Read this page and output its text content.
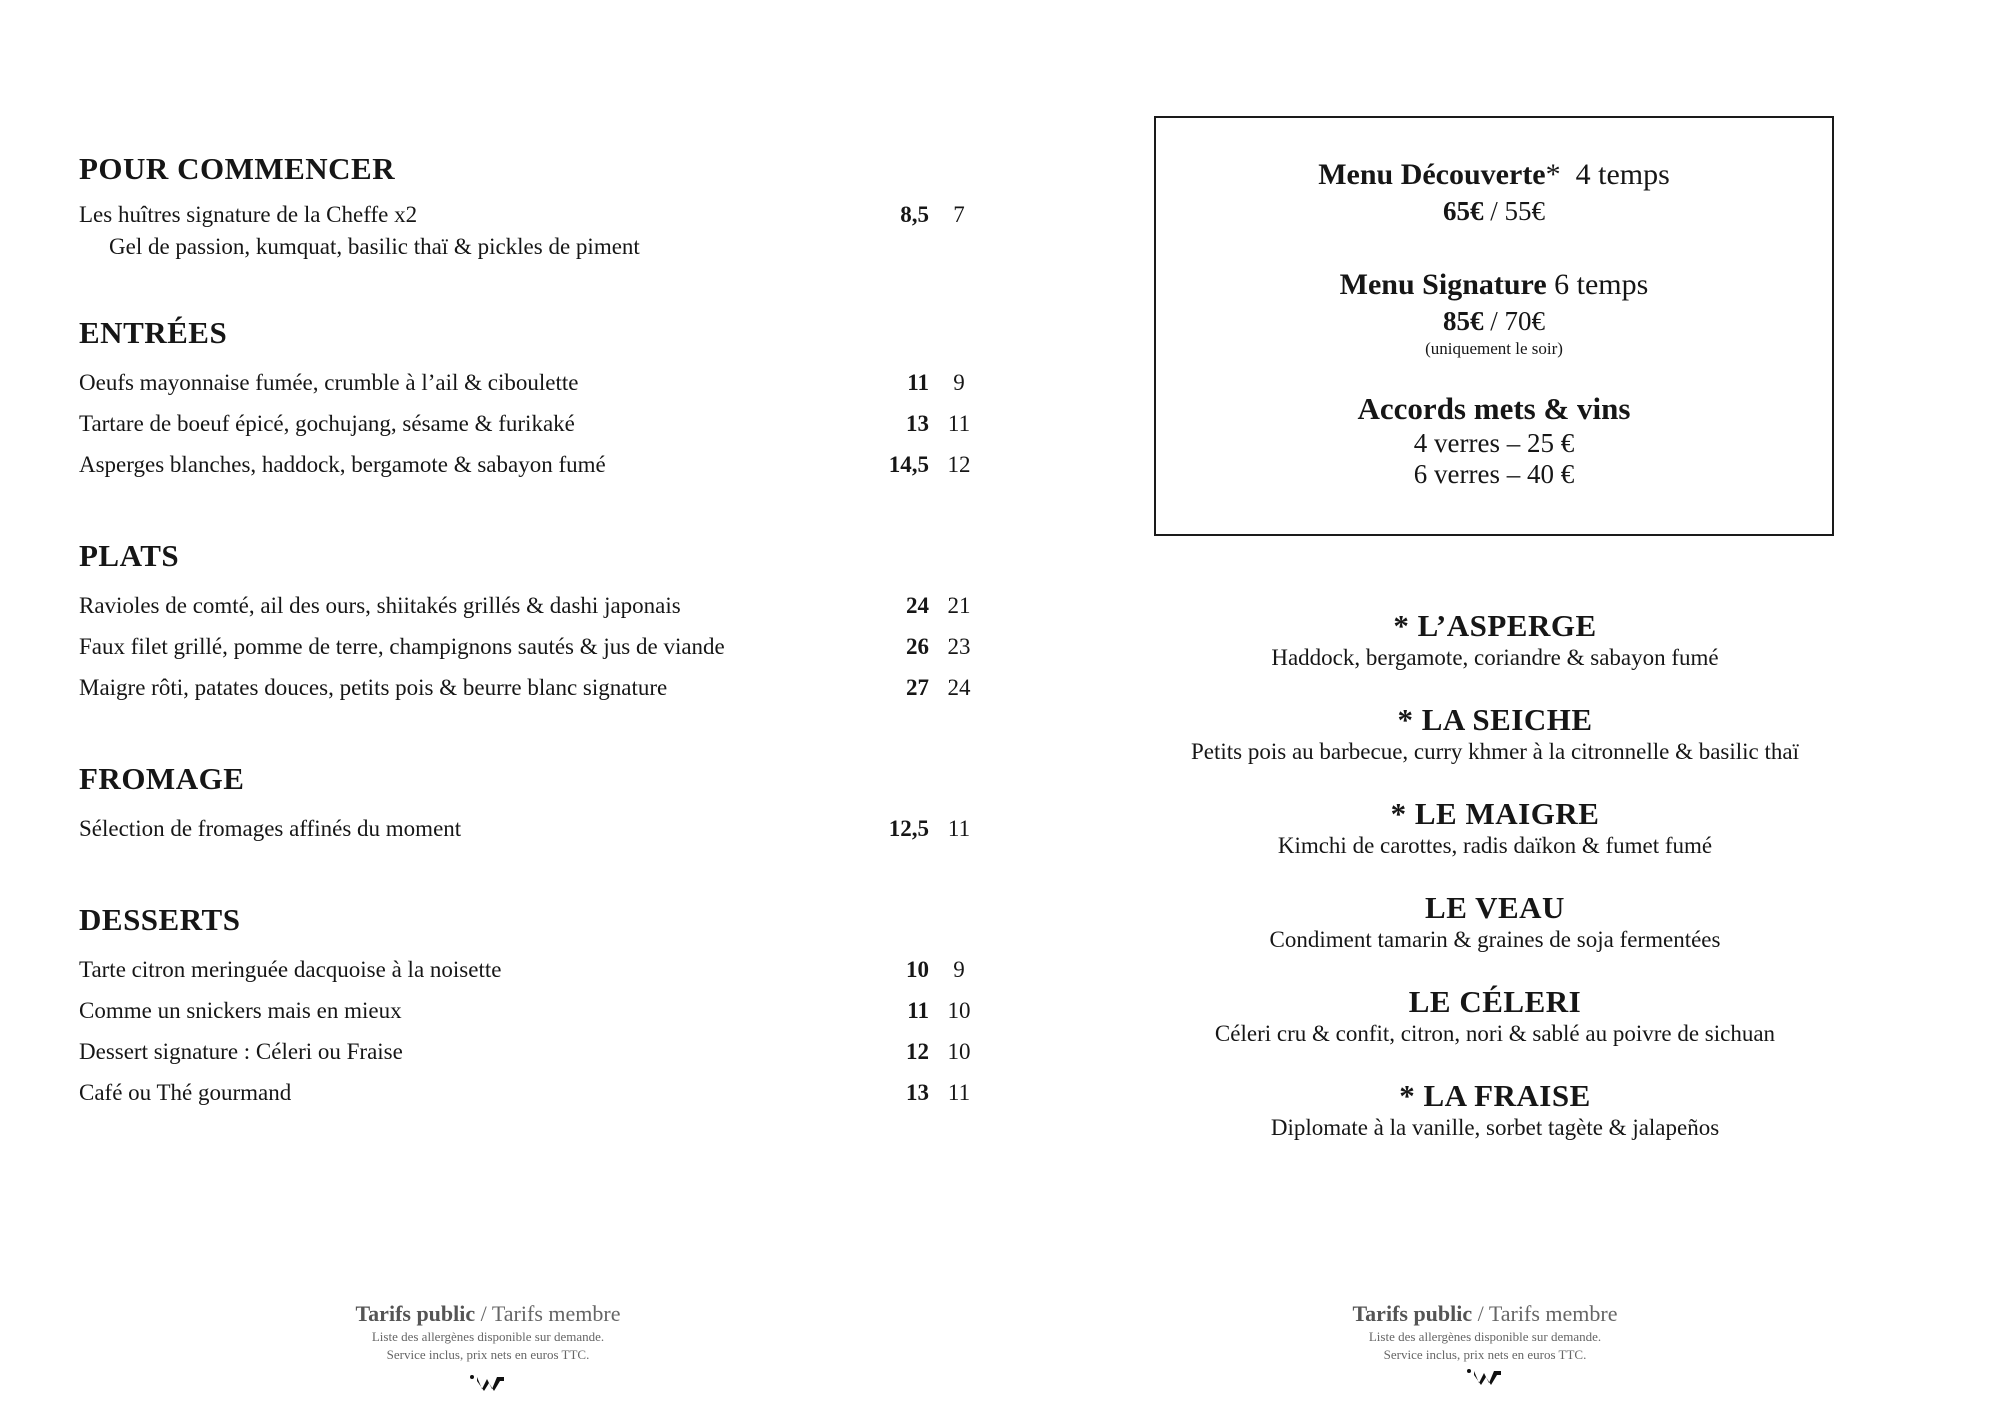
POUR COMMENCER
Les huîtres signature de la Cheffe x2	8,5	7
Gel de passion, kumquat, basilic thaï & pickles de piment
ENTRÉES
Oeufs mayonnaise fumée, crumble à l’ail & ciboulette	11	9
Tartare de boeuf épicé, gochujang, sésame & furikaké	13 11
Asperges blanches, haddock, bergamote & sabayon fumé	14,5 12
PLATS
Ravioles de comté, ail des ours, shiitakés grillés & dashi japonais	24 21
Faux filet grillé, pomme de terre, champignons sautés & jus de viande	26 23
Maigre rôti, patates douces, petits pois & beurre blanc signature	27 24
FROMAGE
Sélection de fromages affinés du moment	12,5 11
DESSERTS
Tarte citron meringuée dacquoise à la noisette	10	9
Comme un snickers mais en mieux	11 10
Dessert signature : Céleri ou Fraise	12 10
Café ou Thé gourmand	13 11
Menu Découverte* 4 temps
65€ / 55€
Menu Signature 6 temps
85€ / 70€
(uniquement le soir)
Accords mets & vins
4 verres – 25 €
6 verres – 40 €
* L’ASPERGE
Haddock, bergamote, coriandre & sabayon fumé
* LA SEICHE
Petits pois au barbecue, curry khmer à la citronnelle & basilic thaï
* LE MAIGRE
Kimchi de carottes, radis daïkon & fumet fumé
LE VEAU
Condiment tamarin & graines de soja fermentées
LE CÉLERI
Céleri cru & confit, citron, nori & sablé au poivre de sichuan
* LA FRAISE
Diplomate à la vanille, sorbet tagète & jalapeños
Tarifs public / Tarifs membre
Liste des allergènes disponible sur demande.
Service inclus, prix nets en euros TTC.
Tarifs public / Tarifs membre
Liste des allergènes disponible sur demande.
Service inclus, prix nets en euros TTC.
